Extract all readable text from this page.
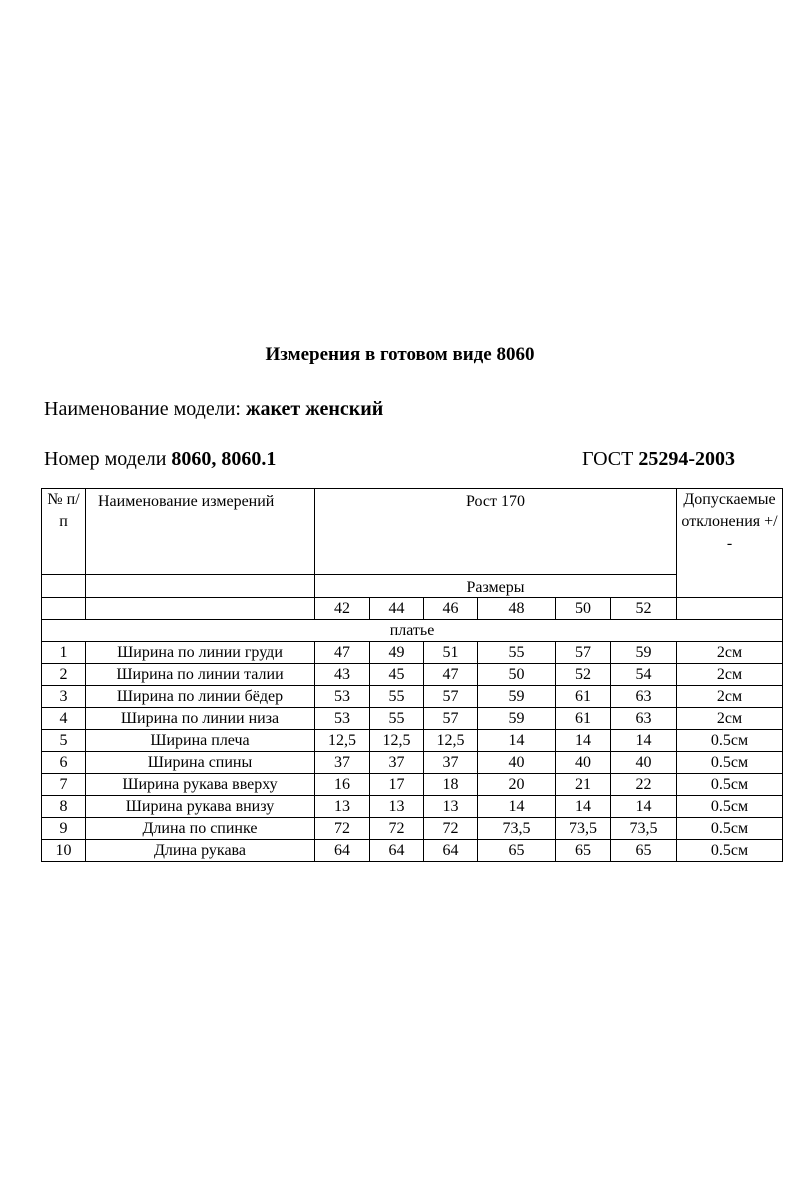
Измерения в готовом виде 8060
Наименование модели: жакет женский
Номер модели 8060, 8060.1	ГОСТ 25294-2003
№ п/п	Наименование измерений	Рост 170						Допускаемые отклонения +/-
		Размеры						
		42	44	46	48	50	52	
платье								
1	Ширина по линии груди	47	49	51	55	57	59	2см
2	Ширина по линии талии	43	45	47	50	52	54	2см
3	Ширина по линии бёдер	53	55	57	59	61	63	2см
4	Ширина по линии низа	53	55	57	59	61	63	2см
5	Ширина плеча	12,5	12,5	12,5	14	14	14	0.5см
6	Ширина спины	37	37	37	40	40	40	0.5см
7	Ширина рукава вверху	16	17	18	20	21	22	0.5см
8	Ширина рукава внизу	13	13	13	14	14	14	0.5см
9	Длина по спинке	72	72	72	73,5	73,5	73,5	0.5см
10	Длина рукава	64	64	64	65	65	65	0.5см
